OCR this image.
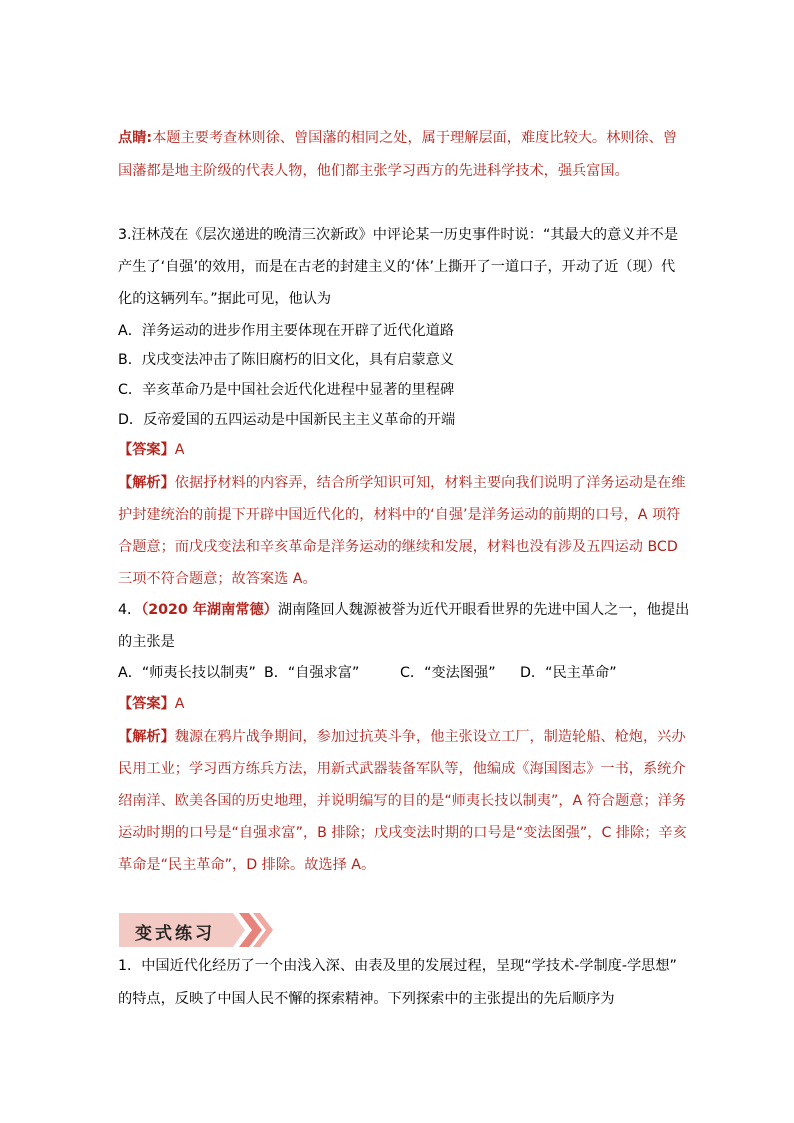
点睛:本题主要考查林则徐、曾国藩的相同之处，属于理解层面，难度比较大。林则徐、曾
国藩都是地主阶级的代表人物，他们都主张学习西方的先进科学技术，强兵富国。
3.汪林茂在《层次递进的晚清三次新政》中评论某一历史事件时说：“其最大的意义并不是
产生了‘自强’的效用，而是在古老的封建主义的‘体’上撕开了一道口子，开动了近（现）代
化的这辆列车。”据此可见，他认为
A．洋务运动的进步作用主要体现在开辟了近代化道路
B．戊戌变法冲击了陈旧腐朽的旧文化，具有启蒙意义
C．辛亥革命乃是中国社会近代化进程中显著的里程碑
D．反帝爱国的五四运动是中国新民主主义革命的开端
【答案】A
【解析】依据抒材料的内容弄，结合所学知识可知，材料主要向我们说明了洋务运动是在维
护封建统治的前提下开辟中国近代化的，材料中的‘自强’是洋务运动的前期的口号，A 项符
合题意；而戊戌变法和辛亥革命是洋务运动的继续和发展，材料也没有涉及五四运动 BCD
三项不符合题意；故答案选 A。
4．（2020 年湖南常德）湖南隆回人魏源被誉为近代开眼看世界的先进中国人之一，他提出
的主张是
A．“师夷长技以制夷” B．“自强求富”	C．“变法图强” D．“民主革命”
【答案】A
【解析】魏源在鸦片战争期间，参加过抗英斗争，他主张设立工厂，制造轮船、枪炮，兴办
民用工业；学习西方练兵方法，用新式武器装备军队等，他编成《海国图志》一书，系统介
绍南洋、欧美各国的历史地理，并说明编写的目的是“师夷长技以制夷”，A 符合题意；洋务
运动时期的口号是“自强求富”，B 排除；戊戌变法时期的口号是“变法图强”，C 排除；辛亥
革命是“民主革命”，D 排除。故选择 A。
变式练习
1．中国近代化经历了一个由浅入深、由表及里的发展过程，呈现“学技术-学制度-学思想”
的特点，反映了中国人民不懈的探索精神。下列探索中的主张提出的先后顺序为
